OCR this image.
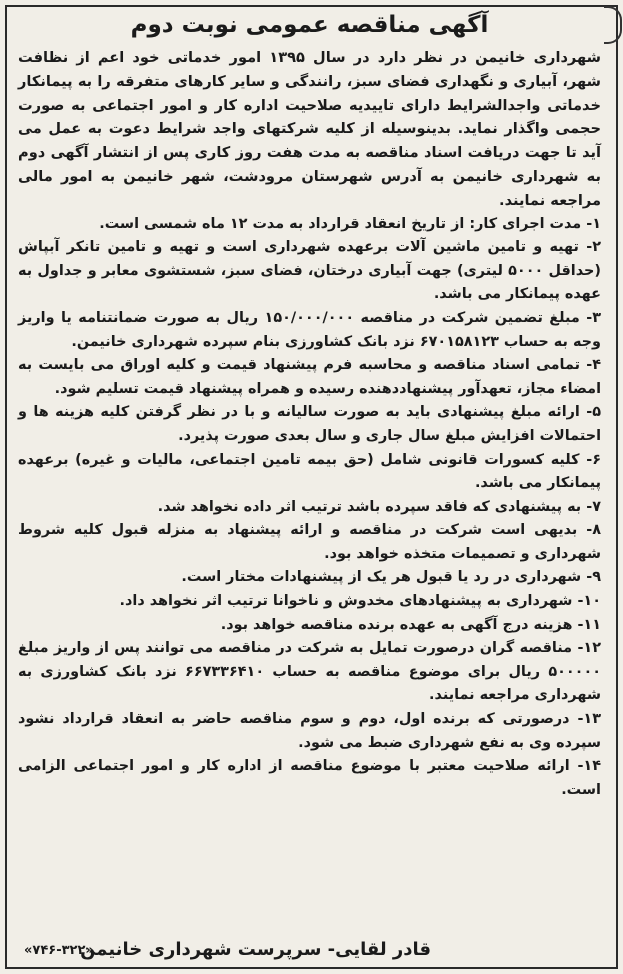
آگهی مناقصه عمومی نوبت دوم

شهرداری خانیمن در نظر دارد در سال ۱۳۹۵ امور خدماتی خود اعم از نظافت شهر، آبیاری و نگهداری فضای سبز، رانندگی و سایر کارهای متفرقه را به پیمانکار خدماتی واجدالشرایط دارای تاییدیه صلاحیت اداره کار و امور اجتماعی به صورت حجمی واگذار نماید. بدینوسیله از کلیه شرکتهای واجد شرایط دعوت به عمل می آید تا جهت دریافت اسناد مناقصه به مدت هفت روز کاری پس از انتشار آگهی دوم به شهرداری خانیمن به آدرس شهرستان مرودشت، شهر خانیمن به امور مالی مراجعه نمایند.

۱- مدت اجرای کار: از تاریخ انعقاد قرارداد به مدت ۱۲ ماه شمسی است.
۲- تهیه و تامین ماشین آلات برعهده شهرداری است و تهیه و تامین تانکر آبپاش (حداقل ۵۰۰۰ لیتری) جهت آبیاری درختان، فضای سبز، شستشوی معابر و جداول به عهده پیمانکار می باشد.
۳- مبلغ تضمین شرکت در مناقصه ۱۵۰/۰۰۰/۰۰۰ ریال به صورت ضمانتنامه یا واریز وجه به حساب ۶۷۰۱۵۸۱۲۳ نزد بانک کشاورزی بنام سپرده شهرداری خانیمن.
۴- تمامی اسناد مناقصه و محاسبه فرم پیشنهاد قیمت و کلیه اوراق می بایست به امضاء مجاز، تعهدآور پیشنهاددهنده رسیده و همراه پیشنهاد قیمت تسلیم شود.
۵- ارائه مبلغ پیشنهادی باید به صورت سالیانه و با در نظر گرفتن کلیه هزینه ها و احتمالات افزایش مبلغ سال جاری و سال بعدی صورت پذیرد.
۶- کلیه کسورات قانونی شامل (حق بیمه تامین اجتماعی، مالیات و غیره) برعهده پیمانکار می باشد.
۷- به پیشنهادی که فاقد سپرده باشد ترتیب اثر داده نخواهد شد.
۸- بدیهی است شرکت در مناقصه و ارائه پیشنهاد به منزله قبول کلیه شروط شهرداری و تصمیمات متخذه خواهد بود.
۹- شهرداری در رد یا قبول هر یک از پیشنهادات مختار است.
۱۰- شهرداری به پیشنهادهای مخدوش و ناخوانا ترتیب اثر نخواهد داد.
۱۱- هزینه درج آگهی به عهده برنده مناقصه خواهد بود.
۱۲- مناقصه گران درصورت تمایل به شرکت در مناقصه می توانند پس از واریز مبلغ ۵۰۰۰۰۰ ریال برای موضوع مناقصه به حساب ۶۶۷۳۳۶۴۱۰ نزد بانک کشاورزی به شهرداری مراجعه نمایند.
۱۳- درصورتی که برنده اول، دوم و سوم مناقصه حاضر به انعقاد قرارداد نشود سپرده وی به نفع شهرداری ضبط می شود.
۱۴- ارائه صلاحیت معتبر با موضوع مناقصه از اداره کار و امور اجتماعی الزامی است.
قادر لقایی- سرپرست شهرداری خانیمن
«۷۴۶-۳۲۲»
